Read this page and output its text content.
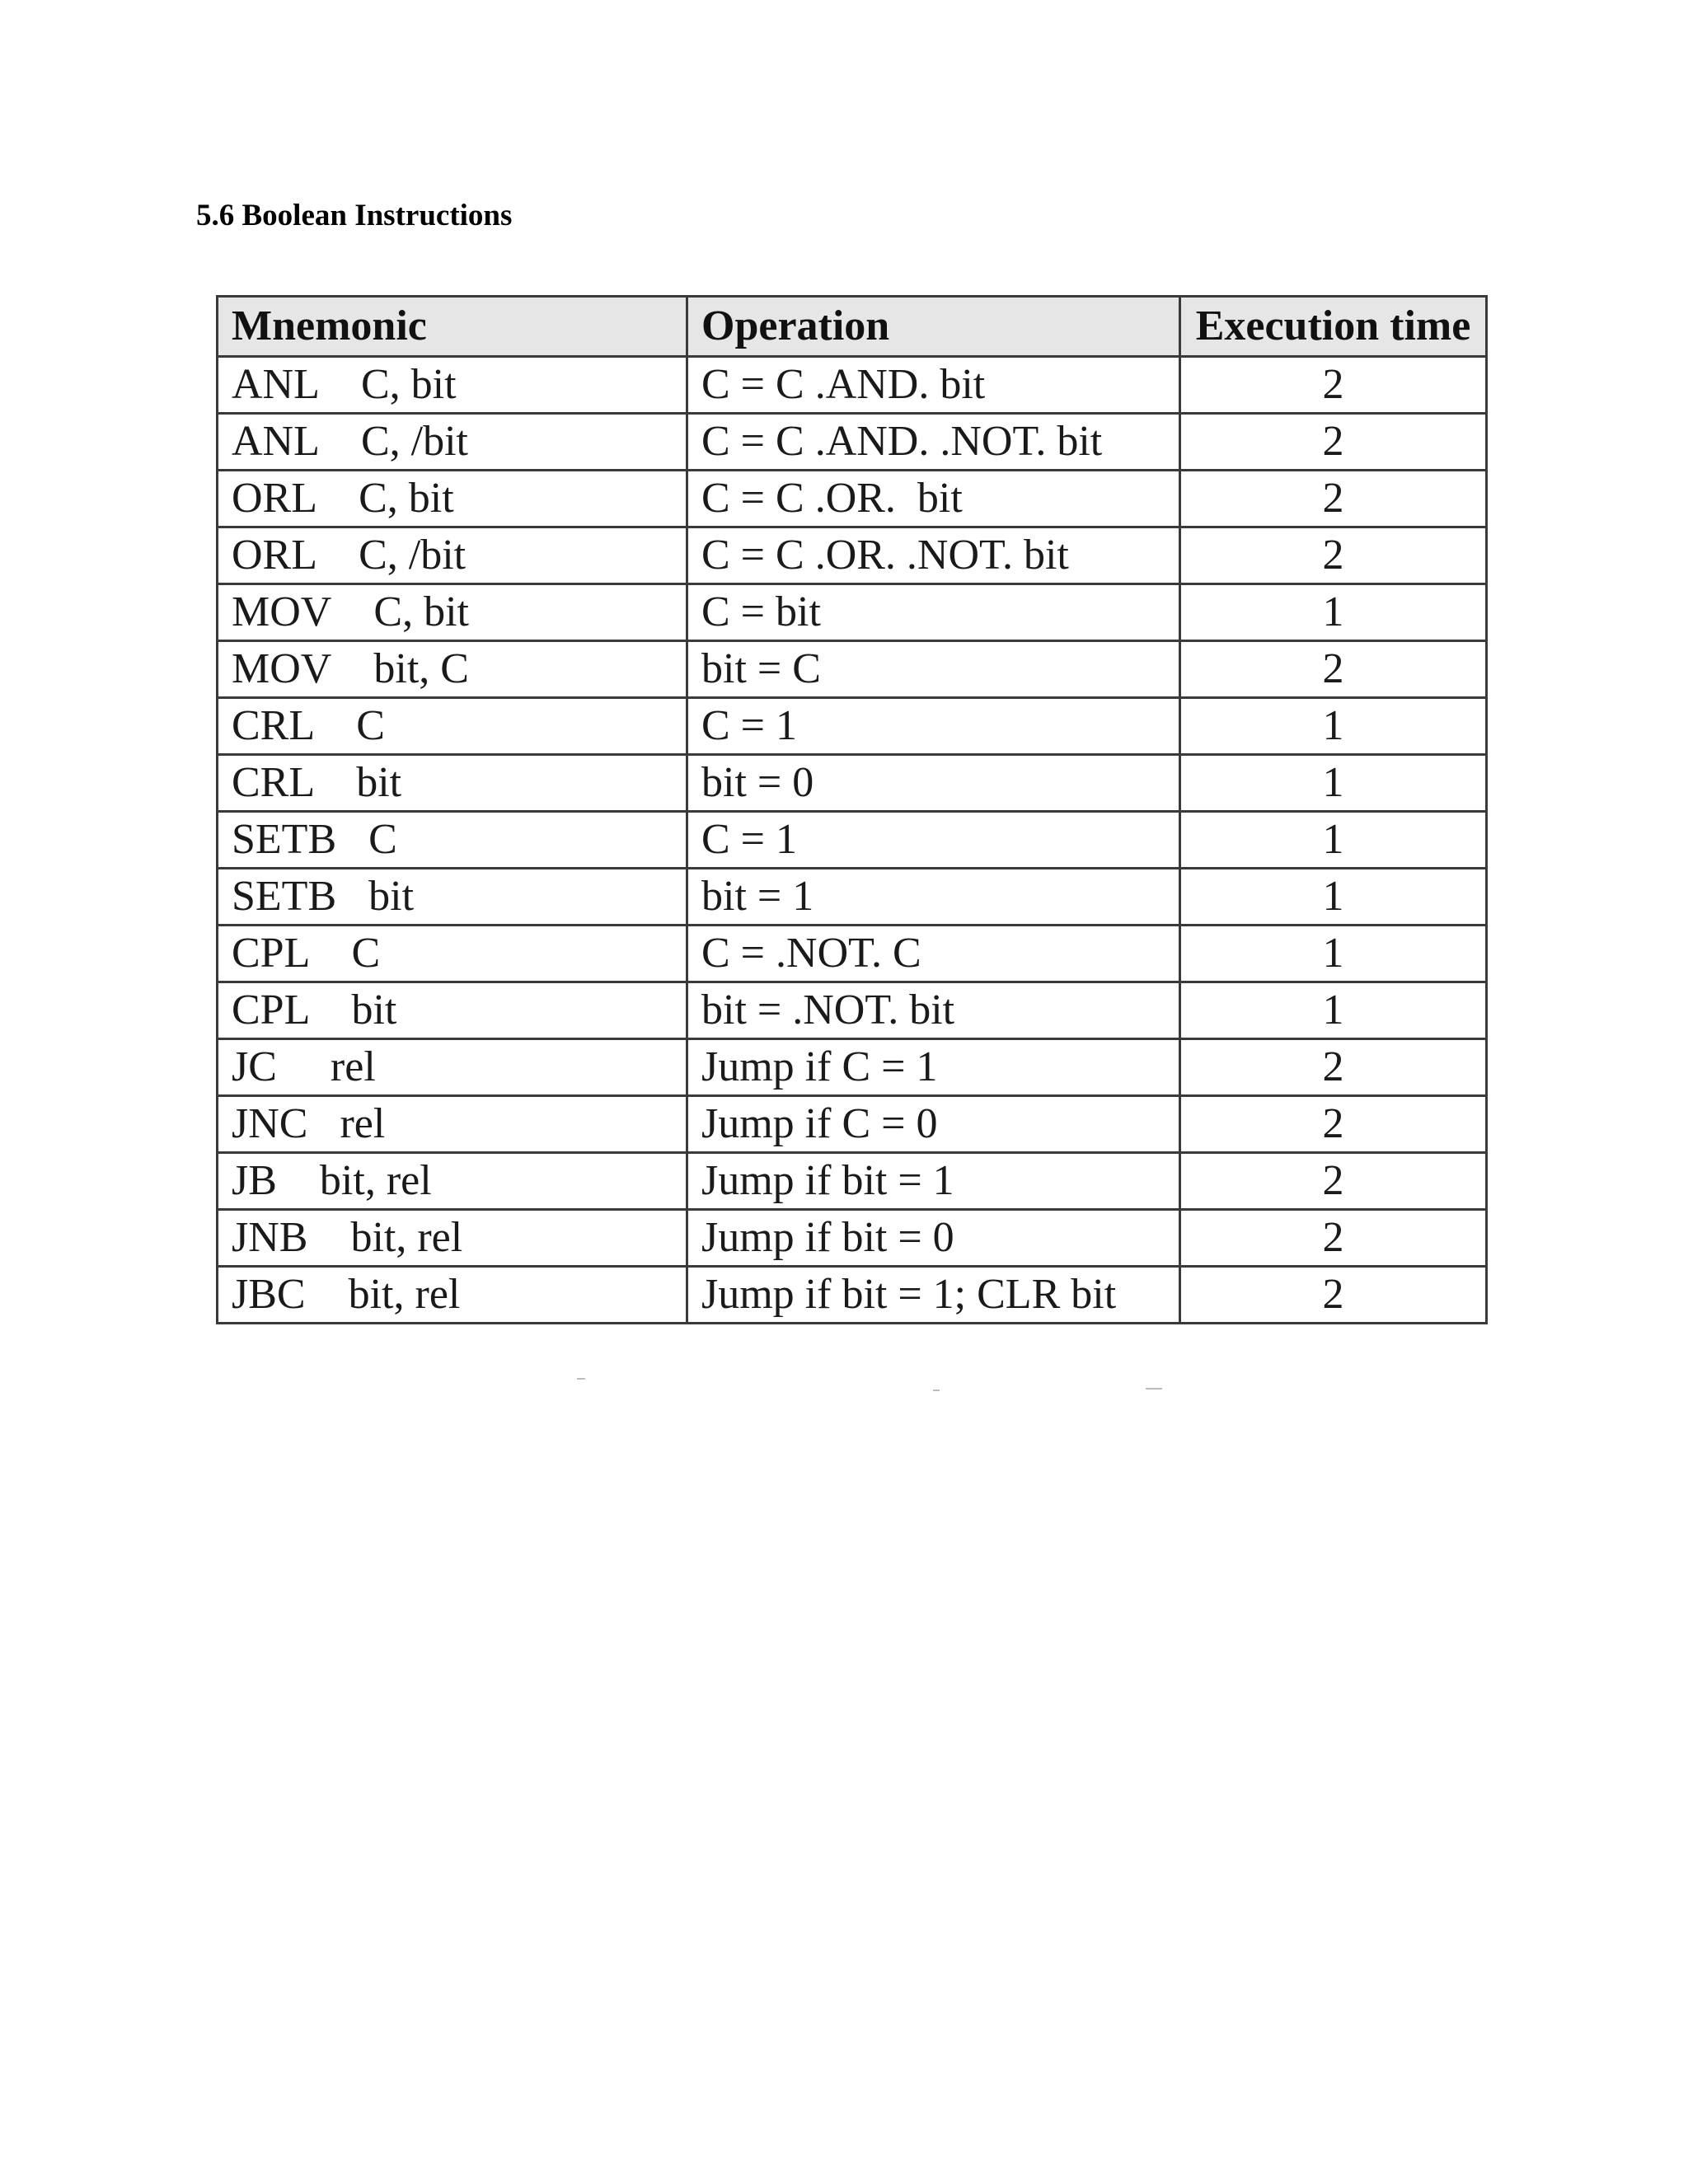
5.6 Boolean Instructions
Mnemonic	Operation	Execution time
ANL    C, bit	C = C .AND. bit	2
ANL    C, /bit	C = C .AND. .NOT. bit	2
ORL    C, bit	C = C .OR.  bit	2
ORL    C, /bit	C = C .OR. .NOT. bit	2
MOV    C, bit	C = bit	1
MOV    bit, C	bit = C	2
CRL    C	C = 1	1
CRL    bit	bit = 0	1
SETB   C	C = 1	1
SETB   bit	bit = 1	1
CPL    C	C = .NOT. C	1
CPL    bit	bit = .NOT. bit	1
JC     rel	Jump if C = 1	2
JNC   rel	Jump if C = 0	2
JB    bit, rel	Jump if bit = 1	2
JNB    bit, rel	Jump if bit = 0	2
JBC    bit, rel	Jump if bit = 1; CLR bit	2
